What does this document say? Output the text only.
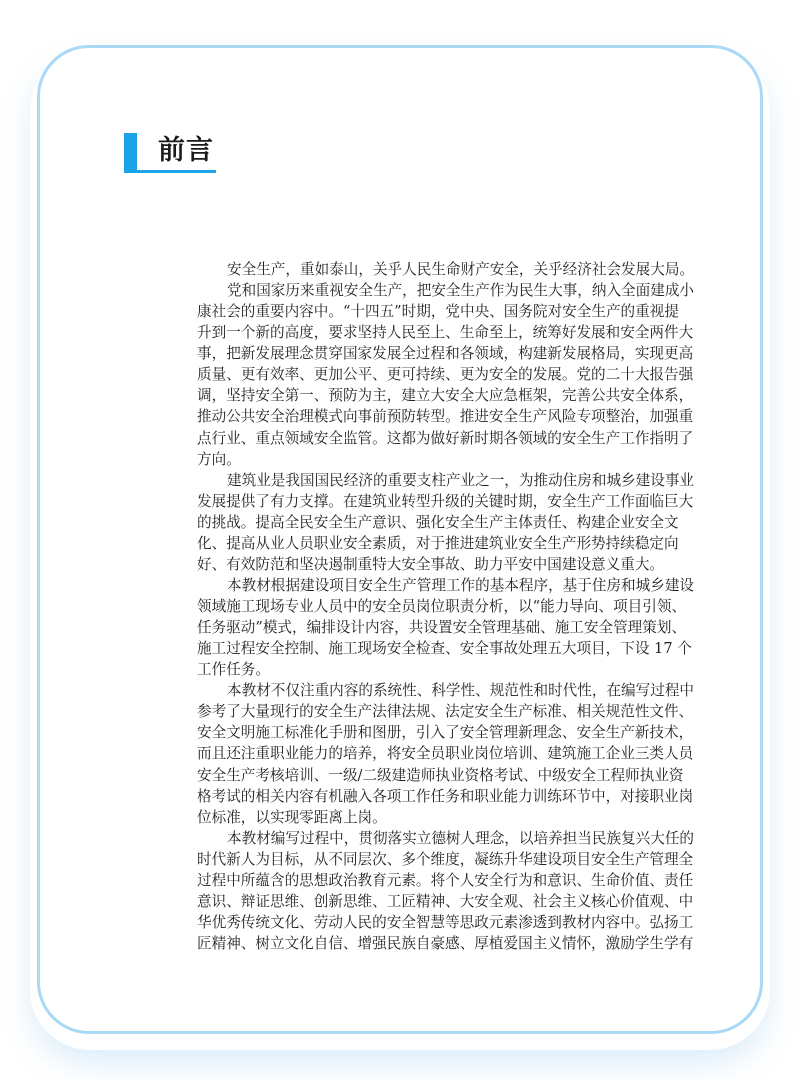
前言
安全生产，重如泰山，关乎人民生命财产安全，关乎经济社会发展大局。
党和国家历来重视安全生产，把安全生产作为民生大事，纳入全面建成小
康社会的重要内容中。“十四五”时期，党中央、国务院对安全生产的重视提
升到一个新的高度，要求坚持人民至上、生命至上，统筹好发展和安全两件大
事，把新发展理念贯穿国家发展全过程和各领域，构建新发展格局，实现更高
质量、更有效率、更加公平、更可持续、更为安全的发展。党的二十大报告强
调，坚持安全第一、预防为主，建立大安全大应急框架，完善公共安全体系，
推动公共安全治理模式向事前预防转型。推进安全生产风险专项整治，加强重
点行业、重点领域安全监管。这都为做好新时期各领域的安全生产工作指明了
方向。
建筑业是我国国民经济的重要支柱产业之一，为推动住房和城乡建设事业
发展提供了有力支撑。在建筑业转型升级的关键时期，安全生产工作面临巨大
的挑战。提高全民安全生产意识、强化安全生产主体责任、构建企业安全文
化、提高从业人员职业安全素质，对于推进建筑业安全生产形势持续稳定向
好、有效防范和坚决遏制重特大安全事故、助力平安中国建设意义重大。
本教材根据建设项目安全生产管理工作的基本程序，基于住房和城乡建设
领域施工现场专业人员中的安全员岗位职责分析，以“能力导向、项目引领、
任务驱动”模式，编排设计内容，共设置安全管理基础、施工安全管理策划、
施工过程安全控制、施工现场安全检查、安全事故处理五大项目，下设 17 个
工作任务。
本教材不仅注重内容的系统性、科学性、规范性和时代性，在编写过程中
参考了大量现行的安全生产法律法规、法定安全生产标准、相关规范性文件、
安全文明施工标准化手册和图册，引入了安全管理新理念、安全生产新技术，
而且还注重职业能力的培养，将安全员职业岗位培训、建筑施工企业三类人员
安全生产考核培训、一级/二级建造师执业资格考试、中级安全工程师执业资
格考试的相关内容有机融入各项工作任务和职业能力训练环节中，对接职业岗
位标准，以实现零距离上岗。
本教材编写过程中，贯彻落实立德树人理念，以培养担当民族复兴大任的
时代新人为目标，从不同层次、多个维度，凝练升华建设项目安全生产管理全
过程中所蕴含的思想政治教育元素。将个人安全行为和意识、生命价值、责任
意识、辩证思维、创新思维、工匠精神、大安全观、社会主义核心价值观、中
华优秀传统文化、劳动人民的安全智慧等思政元素渗透到教材内容中。弘扬工
匠精神、树立文化自信、增强民族自豪感、厚植爱国主义情怀，激励学生学有
